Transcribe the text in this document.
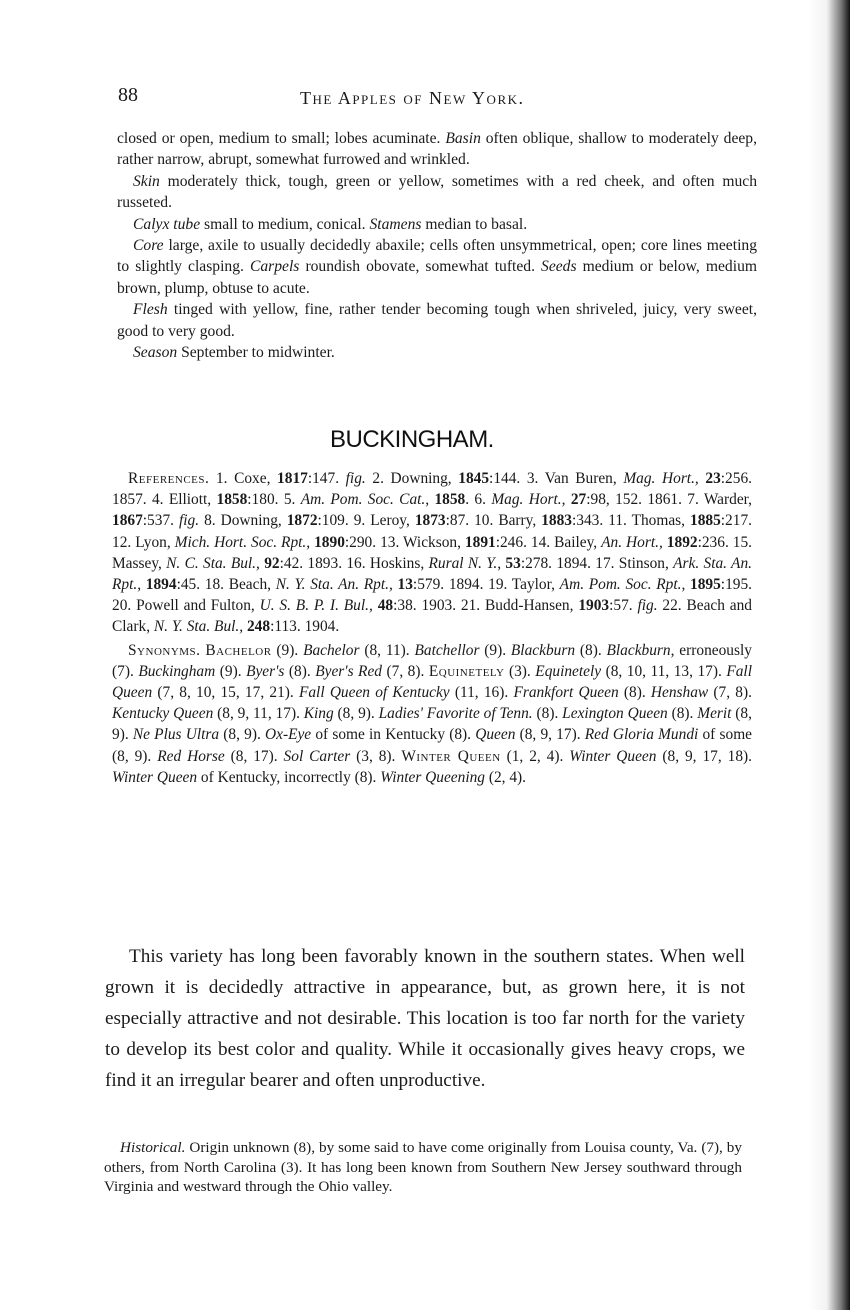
88	The Apples of New York.

closed or open, medium to small; lobes acuminate. Basin often oblique, shallow to moderately deep, rather narrow, abrupt, somewhat furrowed and wrinkled.

Skin moderately thick, tough, green or yellow, sometimes with a red cheek, and often much russeted.

Calyx tube small to medium, conical. Stamens median to basal.

Core large, axile to usually decidedly abaxile; cells often unsymmetrical, open; core lines meeting to slightly clasping. Carpels roundish obovate, somewhat tufted. Seeds medium or below, medium brown, plump, obtuse to acute.

Flesh tinged with yellow, fine, rather tender becoming tough when shriveled, juicy, very sweet, good to very good.

Season September to midwinter.

BUCKINGHAM.

References. 1. Coxe, 1817:147. fig. 2. Downing, 1845:144. 3. Van Buren, Mag. Hort., 23:256. 1857. 4. Elliott, 1858:180. 5. Am. Pom. Soc. Cat., 1858. 6. Mag. Hort., 27:98, 152. 1861. 7. Warder, 1867:537. fig. 8. Downing, 1872:109. 9. Leroy, 1873:87. 10. Barry, 1883:343. 11. Thomas, 1885:217. 12. Lyon, Mich. Hort. Soc. Rpt., 1890:290. 13. Wickson, 1891:246. 14. Bailey, An. Hort., 1892:236. 15. Massey, N. C. Sta. Bul., 92:42. 1893. 16. Hoskins, Rural N. Y., 53:278. 1894. 17. Stinson, Ark. Sta. An. Rpt., 1894:45. 18. Beach, N. Y. Sta. An. Rpt., 13:579. 1894. 19. Taylor, Am. Pom. Soc. Rpt., 1895:195. 20. Powell and Fulton, U. S. B. P. I. Bul., 48:38. 1903. 21. Budd-Hansen, 1903:57. fig. 22. Beach and Clark, N. Y. Sta. Bul., 248:113. 1904.

Synonyms. Bachelor (9). Bachelor (8, 11). Batchellor (9). Blackburn (8). Blackburn, erroneously (7). Buckingham (9). Byer's (8). Byer's Red (7, 8). Equinetely (3). Equinetely (8, 10, 11, 13, 17). Fall Queen (7, 8, 10, 15, 17, 21). Fall Queen of Kentucky (11, 16). Frankfort Queen (8). Henshaw (7, 8). Kentucky Queen (8, 9, 11, 17). King (8, 9). Ladies' Favorite of Tenn. (8). Lexington Queen (8). Merit (8, 9). Ne Plus Ultra (8, 9). Ox-Eye of some in Kentucky (8). Queen (8, 9, 17). Red Gloria Mundi of some (8, 9). Red Horse (8, 17). Sol Carter (3, 8). Winter Queen (1, 2, 4). Winter Queen (8, 9, 17, 18). Winter Queen of Kentucky, incorrectly (8). Winter Queening (2, 4).

This variety has long been favorably known in the southern states. When well grown it is decidedly attractive in appearance, but, as grown here, it is not especially attractive and not desirable. This location is too far north for the variety to develop its best color and quality. While it occasionally gives heavy crops, we find it an irregular bearer and often unproductive.

Historical. Origin unknown (8), by some said to have come originally from Louisa county, Va. (7), by others, from North Carolina (3). It has long been known from Southern New Jersey southward through Virginia and westward through the Ohio valley.
